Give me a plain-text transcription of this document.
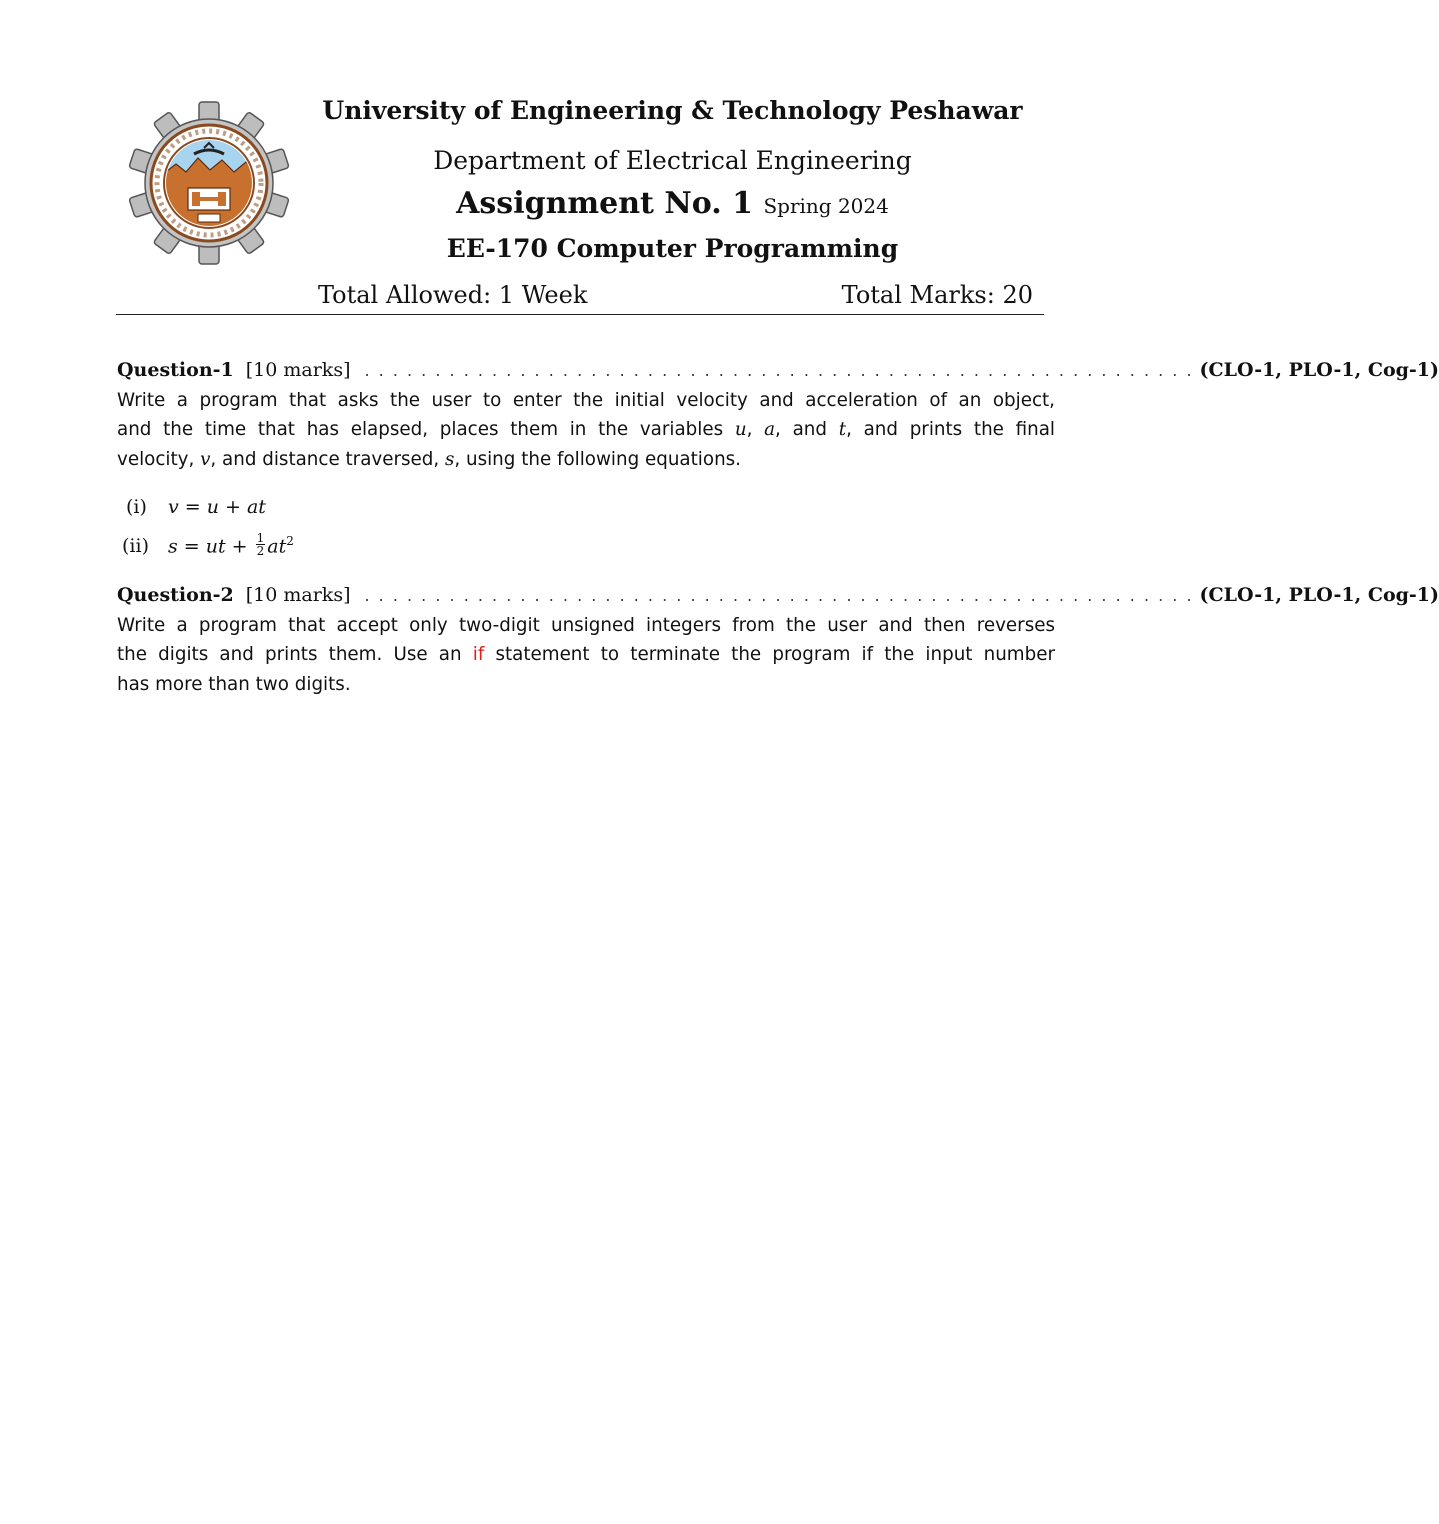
University of Engineering & Technology Peshawar
Department of Electrical Engineering
Assignment No. 1 Spring 2024
EE-170 Computer Programming
Total Allowed: 1 Week	Total Marks: 20
Question-1 [10 marks] . . . . . . . . . . . . . . . . . . . . . . . . . . . . . . . . . . . . . . . . . . . . . . . . . . . . . . . . . . . (CLO-1, PLO-1, Cog-1)
Write a program that asks the user to enter the initial velocity and acceleration of an object,
and the time that has elapsed, places them in the variables u, a, and t, and prints the final
velocity, v, and distance traversed, s, using the following equations.
(i)	v = u + at
(ii)	s = ut + $\frac{1}{2} at^2$
Question-2 [10 marks] . . . . . . . . . . . . . . . . . . . . . . . . . . . . . . . . . . . . . . . . . . . . . . . . . . . . . . . . . . . (CLO-1, PLO-1, Cog-1)
Write a program that accept only two-digit unsigned integers from the user and then reverses
the digits and prints them. Use an if statement to terminate the program if the input number
has more than two digits.
